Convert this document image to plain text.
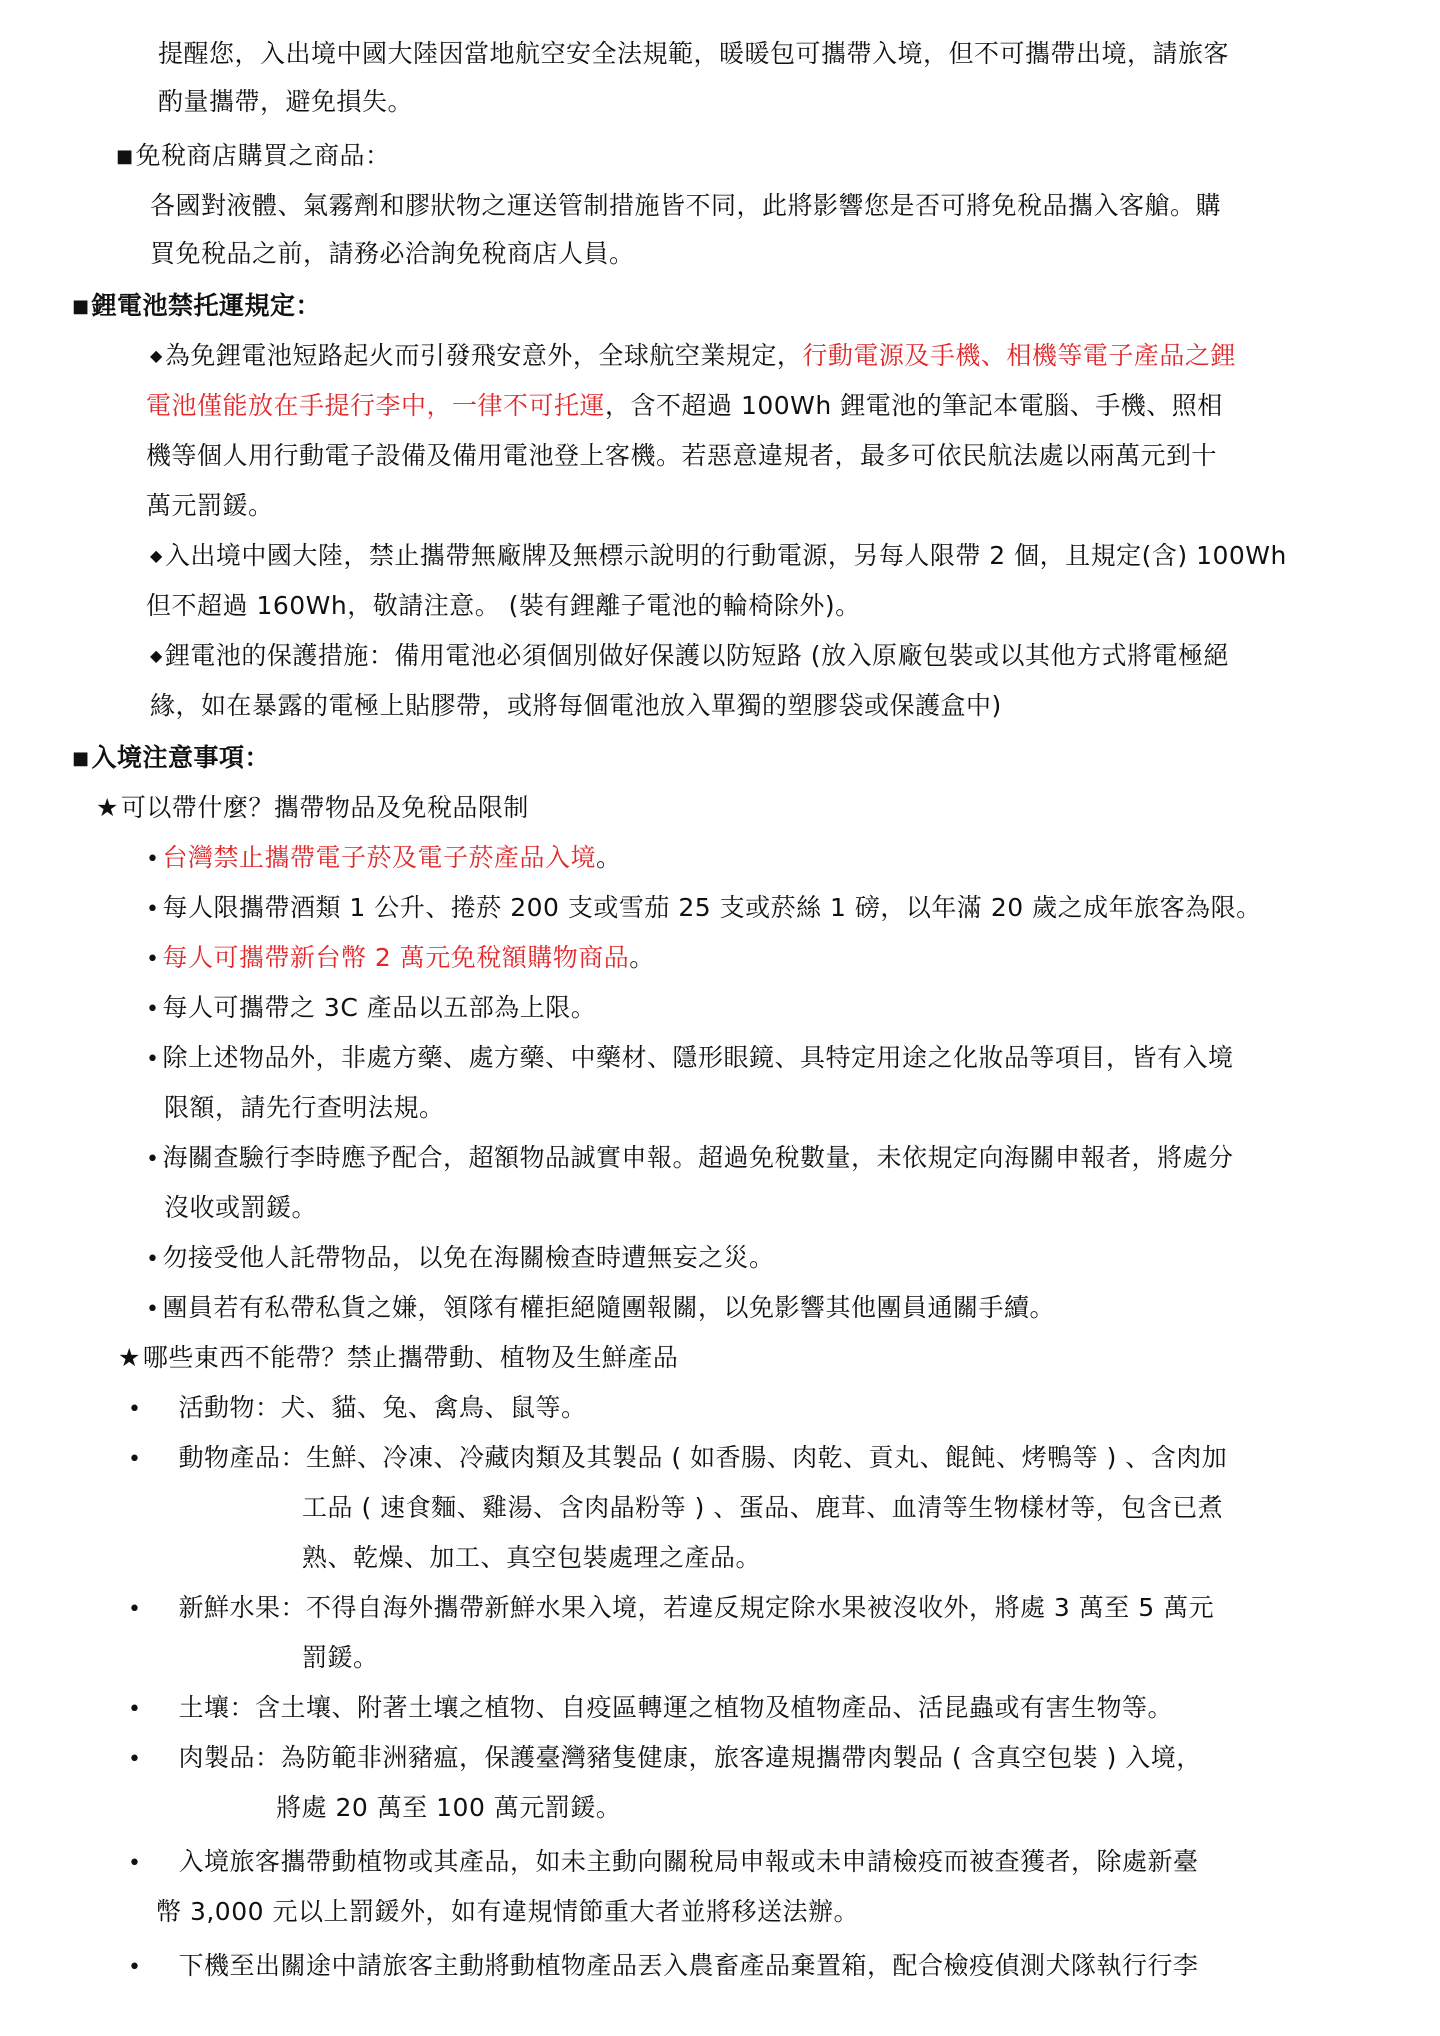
提醒您，入出境中國大陸因當地航空安全法規範，暖暖包可攜帶入境，但不可攜帶出境，請旅客
酌量攜帶，避免損失。
■免稅商店購買之商品：
各國對液體、氣霧劑和膠狀物之運送管制措施皆不同，此將影響您是否可將免稅品攜入客艙。購
買免稅品之前，請務必洽詢免稅商店人員。
■鋰電池禁托運規定：
◆為免鋰電池短路起火而引發飛安意外，全球航空業規定，行動電源及手機、相機等電子產品之鋰
電池僅能放在手提行李中，一律不可托運，含不超過 100Wh 鋰電池的筆記本電腦、手機、照相
機等個人用行動電子設備及備用電池登上客機。若惡意違規者，最多可依民航法處以兩萬元到十
萬元罰鍰。
◆入出境中國大陸，禁止攜帶無廠牌及無標示說明的行動電源，另每人限帶 2 個，且規定(含) 100Wh
但不超過 160Wh，敬請注意。 (裝有鋰離子電池的輪椅除外)。
◆鋰電池的保護措施：備用電池必須個別做好保護以防短路 (放入原廠包裝或以其他方式將電極絕
緣，如在暴露的電極上貼膠帶，或將每個電池放入單獨的塑膠袋或保護盒中)
■入境注意事項：
★可以帶什麼？攜帶物品及免稅品限制
• 台灣禁止攜帶電子菸及電子菸產品入境。
• 每人限攜帶酒類 1 公升、捲菸 200 支或雪茄 25 支或菸絲 1 磅，以年滿 20 歲之成年旅客為限。
• 每人可攜帶新台幣 2 萬元免稅額購物商品。
• 每人可攜帶之 3C 產品以五部為上限。
• 除上述物品外，非處方藥、處方藥、中藥材、隱形眼鏡、具特定用途之化妝品等項目，皆有入境
限額，請先行查明法規。
• 海關查驗行李時應予配合，超額物品誠實申報。超過免稅數量，未依規定向海關申報者，將處分
沒收或罰鍰。
• 勿接受他人託帶物品，以免在海關檢查時遭無妄之災。
• 團員若有私帶私貨之嫌，領隊有權拒絕隨團報關，以免影響其他團員通關手續。
★哪些東西不能帶？禁止攜帶動、植物及生鮮產品
• 活動物：犬、貓、兔、禽鳥、鼠等。
• 動物產品：生鮮、冷凍、冷藏肉類及其製品 ( 如香腸、肉乾、貢丸、餛飩、烤鴨等 ) 、含肉加
工品 ( 速食麵、雞湯、含肉晶粉等 ) 、蛋品、鹿茸、血清等生物樣材等，包含已煮
熟、乾燥、加工、真空包裝處理之產品。
• 新鮮水果：不得自海外攜帶新鮮水果入境，若違反規定除水果被沒收外，將處 3 萬至 5 萬元
罰鍰。
• 土壤：含土壤、附著土壤之植物、自疫區轉運之植物及植物產品、活昆蟲或有害生物等。
• 肉製品：為防範非洲豬瘟，保護臺灣豬隻健康，旅客違規攜帶肉製品 ( 含真空包裝 ) 入境，
將處 20 萬至 100 萬元罰鍰。
• 入境旅客攜帶動植物或其產品，如未主動向關稅局申報或未申請檢疫而被查獲者，除處新臺
幣 3,000 元以上罰鍰外，如有違規情節重大者並將移送法辦。
• 下機至出關途中請旅客主動將動植物產品丟入農畜產品棄置箱，配合檢疫偵測犬隊執行行李
